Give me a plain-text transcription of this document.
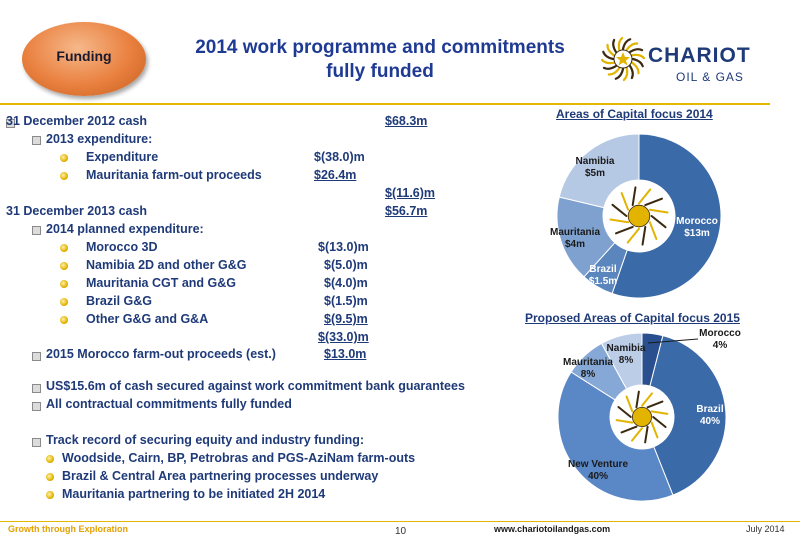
Funding	2014 work programme and commitments
fully funded
CHARIOT
OIL & GAS
31 December 2012 cash	$68.3m
2013 expenditure:
Expenditure	$(38.0)m
Mauritania farm-out proceeds	$26.4m
$(11.6)m
31 December 2013 cash	$56.7m
2014 planned expenditure:
Morocco 3D	$(13.0)m
Namibia 2D and other G&G	$(5.0)m
Mauritania CGT and G&G	$(4.0)m
Brazil G&G	$(1.5)m
Other G&G and G&A	$(9.5)m
$(33.0)m
2015 Morocco farm-out proceeds (est.)	$13.0m
US$15.6m of cash secured against work commitment bank guarantees
All contractual commitments fully funded
Track record of securing equity and industry funding:
Woodside, Cairn, BP, Petrobras and PGS-AziNam farm-outs
Brazil & Central Area partnering processes underway
Mauritania partnering to be initiated 2H 2014
Areas of Capital focus 2014
Morocco $13m
Brazil $1.5m
Mauritania $4m
Namibia $5m
Proposed Areas of Capital focus 2015
Morocco 4%
Brazil 40%
New Venture 40%
Mauritania 8%
Namibia 8%
Growth through Exploration	10	www.chariotoilandgas.com	July 2014
